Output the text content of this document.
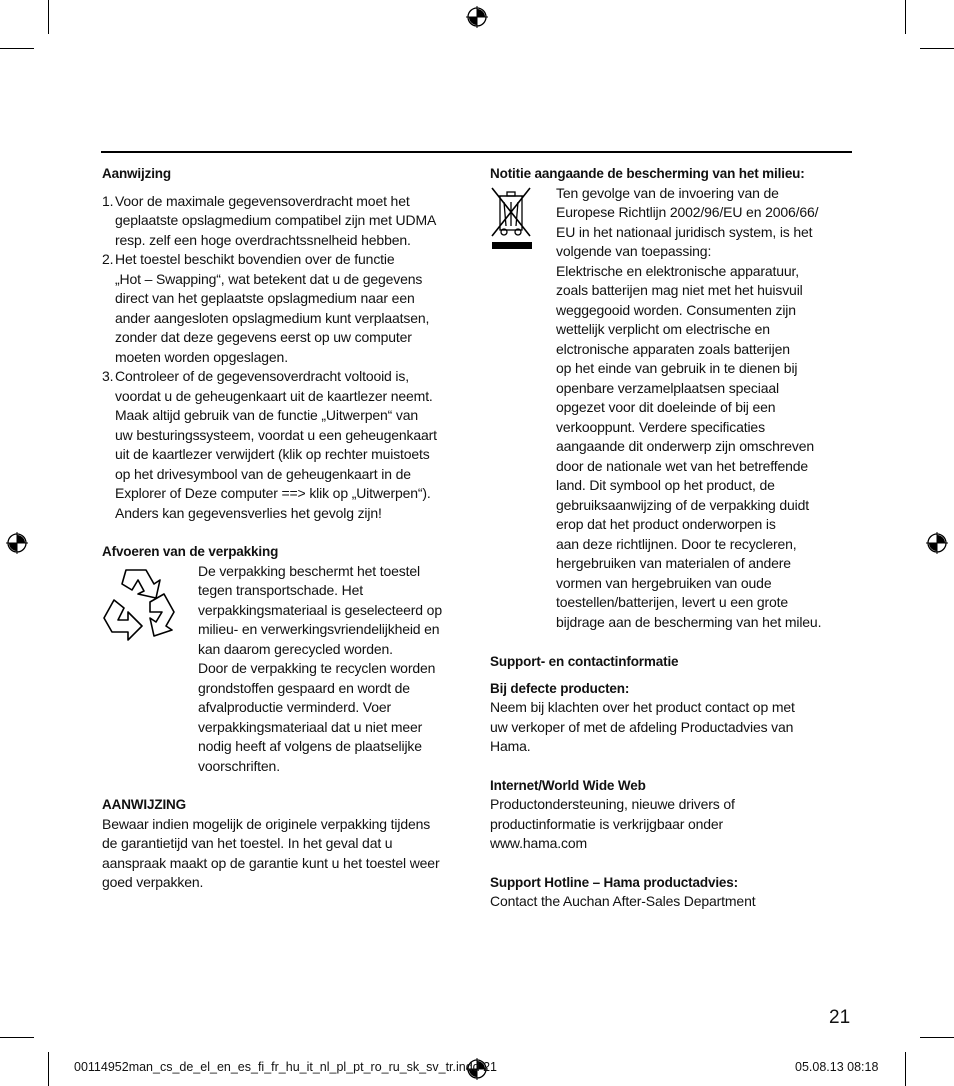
Aanwijzing

1. Voor de maximale gegevensoverdracht moet het
geplaatste opslagmedium compatibel zijn met UDMA
resp. zelf een hoge overdrachtssnelheid hebben.
2. Het toestel beschikt bovendien over de functie
„Hot – Swapping“, wat betekent dat u de gegevens
direct van het geplaatste opslagmedium naar een
ander aangesloten opslagmedium kunt verplaatsen,
zonder dat deze gegevens eerst op uw computer
moeten worden opgeslagen.
3. Controleer of de gegevensoverdracht voltooid is,
voordat u de geheugenkaart uit de kaartlezer neemt.
Maak altijd gebruik van de functie „Uitwerpen“ van
uw besturingssysteem, voordat u een geheugenkaart
uit de kaartlezer verwijdert (klik op rechter muistoets
op het drivesymbool van de geheugenkaart in de
Explorer of Deze computer ==> klik op „Uitwerpen“).
Anders kan gegevensverlies het gevolg zijn!

Afvoeren van de verpakking

De verpakking beschermt het toestel
tegen transportschade. Het
verpakkingsmateriaal is geselecteerd op
milieu- en verwerkingsvriendelijkheid en
kan daarom gerecycled worden.
Door de verpakking te recyclen worden
grondstoffen gespaard en wordt de
afvalproductie verminderd. Voer
verpakkingsmateriaal dat u niet meer
nodig heeft af volgens de plaatselijke
voorschriften.

AANWIJZING

Bewaar indien mogelijk de originele verpakking tijdens
de garantietijd van het toestel. In het geval dat u
aanspraak maakt op de garantie kunt u het toestel weer
goed verpakken.

Notitie aangaande de bescherming van het milieu:

Ten gevolge van de invoering van de
Europese Richtlijn 2002/96/EU en 2006/66/
EU in het nationaal juridisch system, is het
volgende van toepassing:
Elektrische en elektronische apparatuur,
zoals batterijen mag niet met het huisvuil
weggegooid worden. Consumenten zijn
wettelijk verplicht om electrische en
elctronische apparaten zoals batterijen
op het einde van gebruik in te dienen bij
openbare verzamelplaatsen speciaal
opgezet voor dit doeleinde of bij een
verkooppunt. Verdere specificaties
aangaande dit onderwerp zijn omschreven
door de nationale wet van het betreffende
land. Dit symbool op het product, de
gebruiksaanwijzing of de verpakking duidt
erop dat het product onderworpen is
aan deze richtlijnen. Door te recycleren,
hergebruiken van materialen of andere
vormen van hergebruiken van oude
toestellen/batterijen, levert u een grote
bijdrage aan de bescherming van het mileu.

Support- en contactinformatie

Bij defecte producten:

Neem bij klachten over het product contact op met
uw verkoper of met de afdeling Productadvies van
Hama.

Internet/World Wide Web

Productondersteuning, nieuwe drivers of
productinformatie is verkrijgbaar onder
www.hama.com

Support Hotline – Hama productadvies:

Contact the Auchan After-Sales Department
21
00114952man_cs_de_el_en_es_fi_fr_hu_it_nl_pl_pt_ro_ru_sk_sv_tr.indd 21	05.08.13 08:18
